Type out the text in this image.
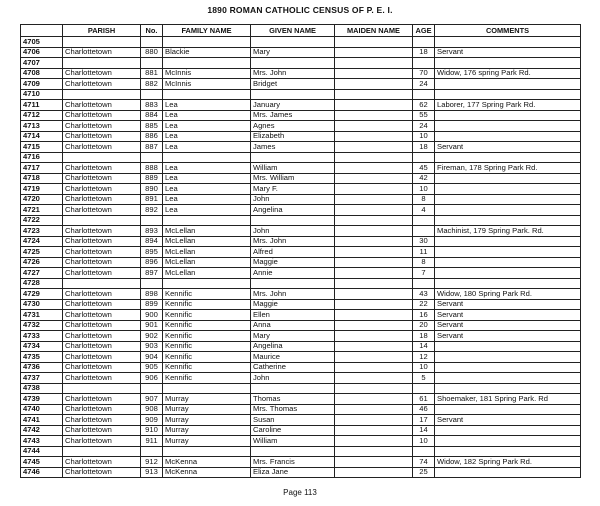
1890 ROMAN CATHOLIC CENSUS OF P. E. I.
	PARISH	No.	FAMILY NAME	GIVEN NAME	MAIDEN NAME	AGE	COMMENTS
4705							
4706	Charlottetown	880	Blackie	Mary		18	Servant
4707							
4708	Charlottetown	881	McInnis	Mrs. John		70	Widow, 176 spring Park Rd.
4709	Charlottetown	882	McInnis	Bridget		24	
4710							
4711	Charlottetown	883	Lea	January		62	Laborer, 177 Spring Park Rd.
4712	Charlottetown	884	Lea	Mrs. James		55	
4713	Charlottetown	885	Lea	Agnes		24	
4714	Charlottetown	886	Lea	Elizabeth		10	
4715	Charlottetown	887	Lea	James		18	Servant
4716							
4717	Charlottetown	888	Lea	William		45	Fireman, 178 Spring Park Rd.
4718	Charlottetown	889	Lea	Mrs. William		42	
4719	Charlottetown	890	Lea	Mary F.		10	
4720	Charlottetown	891	Lea	John		8	
4721	Charlottetown	892	Lea	Angelina		4	
4722							
4723	Charlottetown	893	McLellan	John			Machinist, 179 Spring Park. Rd.
4724	Charlottetown	894	McLellan	Mrs. John		30	
4725	Charlottetown	895	McLellan	Alfred		11	
4726	Charlottetown	896	McLellan	Maggie		8	
4727	Charlottetown	897	McLellan	Annie		7	
4728							
4729	Charlottetown	898	Kennific	Mrs. John		43	Widow, 180 Spring Park Rd.
4730	Charlottetown	899	Kennific	Maggie		22	Servant
4731	Charlottetown	900	Kennific	Ellen		16	Servant
4732	Charlottetown	901	Kennific	Anna		20	Servant
4733	Charlottetown	902	Kennific	Mary		18	Servant
4734	Charlottetown	903	Kennific	Angelina		14	
4735	Charlottetown	904	Kennific	Maurice		12	
4736	Charlottetown	905	Kennific	Catherine		10	
4737	Charlottetown	906	Kennific	John		5	
4738							
4739	Charlottetown	907	Murray	Thomas		61	Shoemaker, 181 Spring Park. Rd
4740	Charlottetown	908	Murray	Mrs. Thomas		46	
4741	Charlottetown	909	Murray	Susan		17	Servant
4742	Charlottetown	910	Murray	Caroline		14	
4743	Charlottetown	911	Murray	William		10	
4744							
4745	Charlottetown	912	McKenna	Mrs. Francis		74	Widow, 182 Spring Park Rd.
4746	Charlottetown	913	McKenna	Eliza Jane		25	
Page 113
